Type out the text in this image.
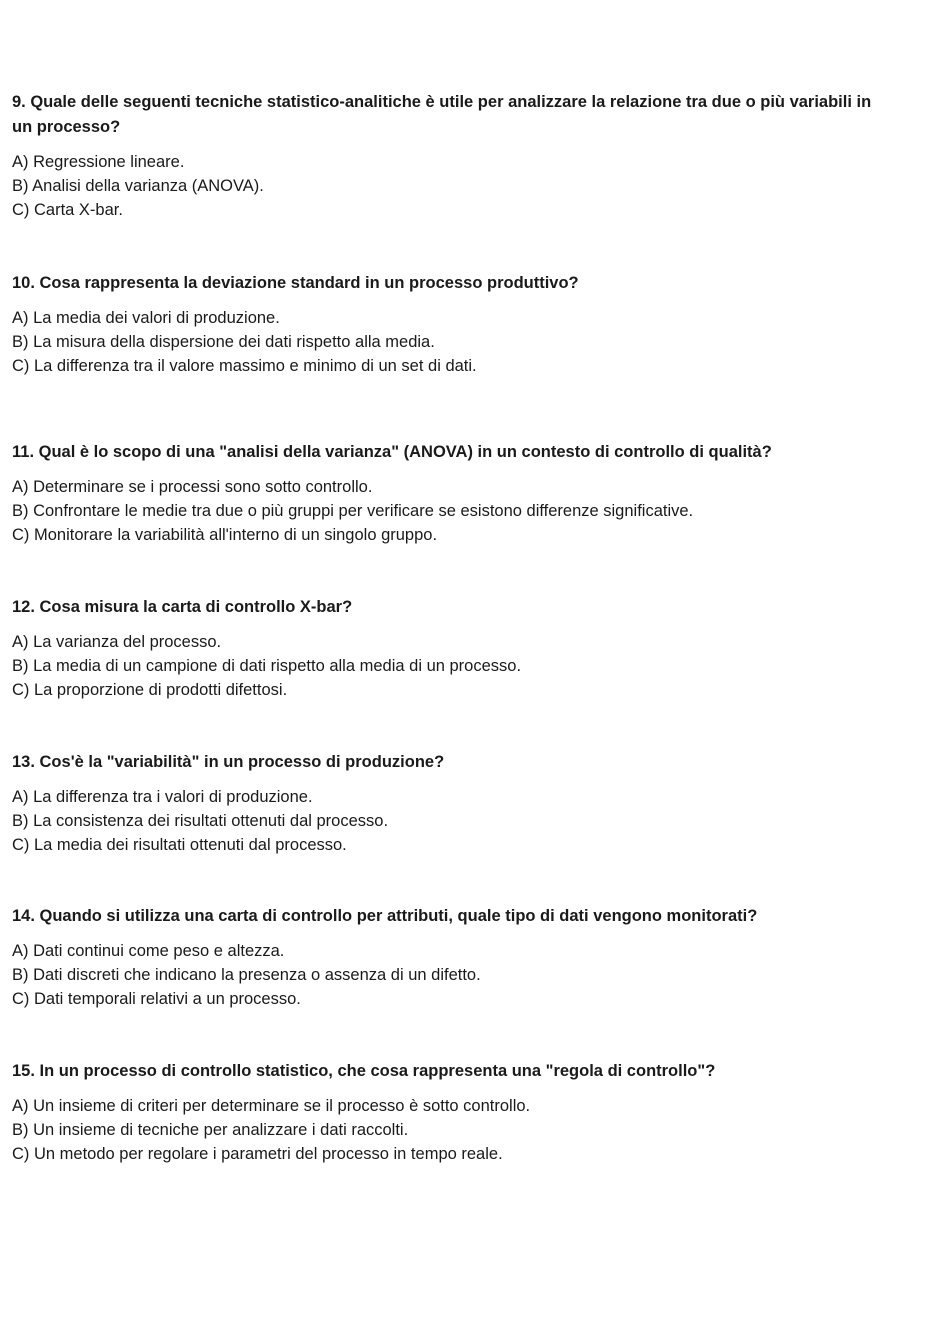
9. Quale delle seguenti tecniche statistico-analitiche è utile per analizzare la relazione tra due o più variabili in un processo?

A) Regressione lineare.

B) Analisi della varianza (ANOVA).

C) Carta X-bar.

10. Cosa rappresenta la deviazione standard in un processo produttivo?

A) La media dei valori di produzione.

B) La misura della dispersione dei dati rispetto alla media.

C) La differenza tra il valore massimo e minimo di un set di dati.

11. Qual è lo scopo di una "analisi della varianza" (ANOVA) in un contesto di controllo di qualità?

A) Determinare se i processi sono sotto controllo.

B) Confrontare le medie tra due o più gruppi per verificare se esistono differenze significative.

C) Monitorare la variabilità all'interno di un singolo gruppo.

12. Cosa misura la carta di controllo X-bar?

A) La varianza del processo.

B) La media di un campione di dati rispetto alla media di un processo.

C) La proporzione di prodotti difettosi.

13. Cos'è la "variabilità" in un processo di produzione?

A) La differenza tra i valori di produzione.

B) La consistenza dei risultati ottenuti dal processo.

C) La media dei risultati ottenuti dal processo.

14. Quando si utilizza una carta di controllo per attributi, quale tipo di dati vengono monitorati?

A) Dati continui come peso e altezza.

B) Dati discreti che indicano la presenza o assenza di un difetto.

C) Dati temporali relativi a un processo.

15. In un processo di controllo statistico, che cosa rappresenta una "regola di controllo"?

A) Un insieme di criteri per determinare se il processo è sotto controllo.

B) Un insieme di tecniche per analizzare i dati raccolti.

C) Un metodo per regolare i parametri del processo in tempo reale.
